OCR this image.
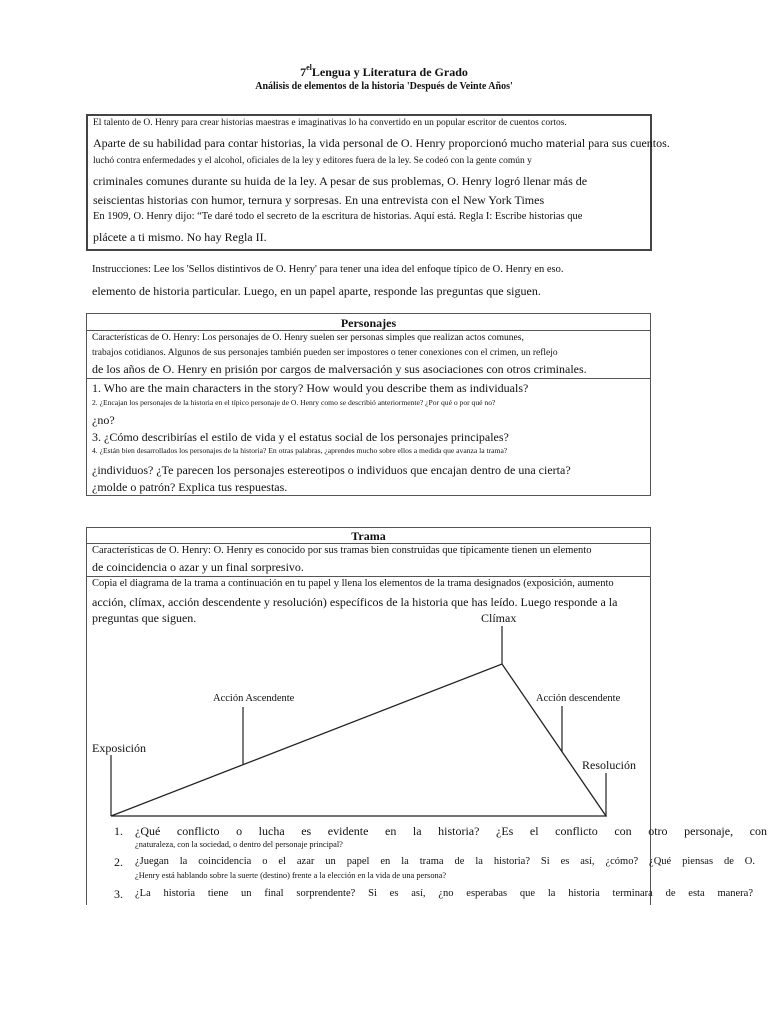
$7^{el}Lengua$ y Literatura de Grado
Análisis de elementos de la historia 'Después de Veinte Años'
El talento de O. Henry para crear historias maestras e imaginativas lo ha convertido en un popular escritor de cuentos cortos.
Aparte de su habilidad para contar historias, la vida personal de O. Henry proporcionó mucho material para sus cuentos.
luchó contra enfermedades y el alcohol, oficiales de la ley y editores fuera de la ley. Se codeó con la gente común y
criminales comunes durante su huida de la ley. A pesar de sus problemas, O. Henry logró llenar más de
seiscientas historias con humor, ternura y sorpresas. En una entrevista con el New York Times
En 1909, O. Henry dijo: “Te daré todo el secreto de la escritura de historias. Aquí está. Regla I: Escribe historias que
plácete a ti mismo. No hay Regla II.
Instrucciones: Lee los 'Sellos distintivos de O. Henry' para tener una idea del enfoque típico de O. Henry en eso.
elemento de historia particular. Luego, en un papel aparte, responde las preguntas que siguen.
Personajes
Características de O. Henry: Los personajes de O. Henry suelen ser personas simples que realizan actos comunes,
trabajos cotidianos. Algunos de sus personajes también pueden ser impostores o tener conexiones con el crimen, un reflejo
de los años de O. Henry en prisión por cargos de malversación y sus asociaciones con otros criminales.
1. Who are the main characters in the story? How would you describe them as individuals?
2. ¿Encajan los personajes de la historia en el típico personaje de O. Henry como se describió anteriormente? ¿Por qué o por qué no?
¿no?
3. ¿Cómo describirías el estilo de vida y el estatus social de los personajes principales?
4. ¿Están bien desarrollados los personajes de la historia? En otras palabras, ¿aprendes mucho sobre ellos a medida que avanza la trama?
¿individuos? ¿Te parecen los personajes estereotipos o individuos que encajan dentro de una cierta?
¿molde o patrón? Explica tus respuestas.
Trama
Características de O. Henry: O. Henry es conocido por sus tramas bien construidas que típicamente tienen un elemento
de coincidencia o azar y un final sorpresivo.
Copia el diagrama de la trama a continuación en tu papel y llena los elementos de la trama designados (exposición, aumento
acción, clímax, acción descendente y resolución) específicos de la historia que has leído. Luego responde a la
preguntas que siguen.	Clímax
Acción Ascendente	Acción descendente
Exposición
Resolución
1. ¿Qué conflicto o lucha es evidente en la historia? ¿Es el conflicto con otro personaje, con
¿naturaleza, con la sociedad, o dentro del personaje principal?
2. ¿Juegan la coincidencia o el azar un papel en la trama de la historia? Si es así, ¿cómo? ¿Qué piensas de O.
¿Henry está hablando sobre la suerte (destino) frente a la elección en la vida de una persona?
3. ¿La historia tiene un final sorprendente? Si es así, ¿no esperabas que la historia terminara de esta manera?
